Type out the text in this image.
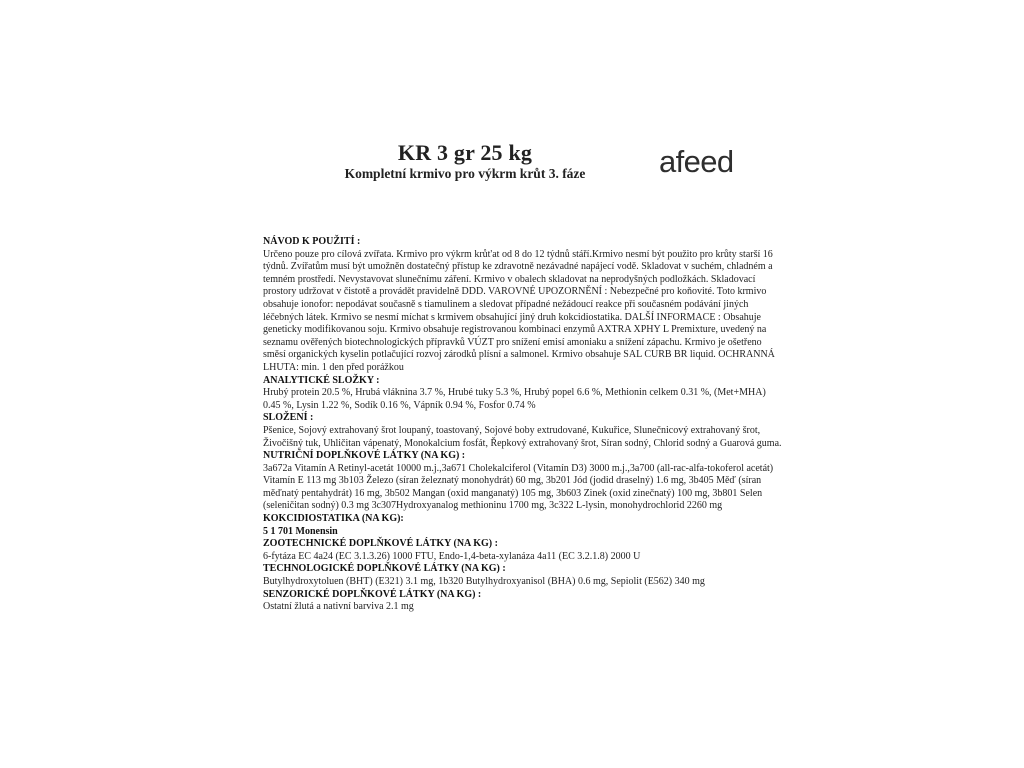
KR 3 gr 25 kg
Kompletní krmivo pro výkrm krůt 3. fáze	afeed
NÁVOD K POUŽITÍ :

Určeno pouze pro cílová zvířata. Krmivo pro výkrm krůt'at od 8 do 12 týdnů stáří.Krmivo nesmí být použito pro krůty starší 16 týdnů. Zvířatům musí být umožněn dostatečný přístup ke zdravotně nezávadné napájecí vodě. Skladovat v suchém, chladném a temném prostředí. Nevystavovat slunečnímu záření. Krmivo v obalech skladovat na neprodyšných podložkách. Skladovací prostory udržovat v čistotě a provádět pravidelně DDD. VAROVNÉ UPOZORNĚNÍ : Nebezpečné pro koňovité. Toto krmivo obsahuje ionofor: nepodávat současně s tiamulinem a sledovat případné nežádoucí reakce při současném podávání jiných léčebných látek. Krmivo se nesmí míchat s krmivem obsahující jiný druh kokcidiostatika. DALŠÍ INFORMACE : Obsahuje geneticky modifikovanou soju. Krmivo obsahuje registrovanou kombinaci enzymů AXTRA XPHY L Premixture, uvedený na seznamu ověřených biotechnologických přípravků VÚZT pro snížení emisí amoniaku a snížení zápachu. Krmivo je ošetřeno směsí organických kyselin potlačující rozvoj zárodků plísní a salmonel. Krmivo obsahuje SAL CURB BR liquid. OCHRANNÁ LHUTA: min. 1 den před porážkou

ANALYTICKÉ SLOŽKY :

Hrubý protein 20.5 %, Hrubá vláknina 3.7 %, Hrubé tuky 5.3 %, Hrubý popel 6.6 %, Methionin celkem 0.31 %, (Met+MHA) 0.45 %, Lysin 1.22 %, Sodík 0.16 %, Vápník 0.94 %, Fosfor 0.74 %

SLOŽENÍ :

Pšenice, Sojový extrahovaný šrot loupaný, toastovaný, Sojové boby extrudované, Kukuřice, Slunečnicový extrahovaný šrot, Živočišný tuk, Uhličitan vápenatý, Monokalcium fosfát, Řepkový extrahovaný šrot, Síran sodný, Chlorid sodný a Guarová guma.

NUTRIČNÍ DOPLŇKOVÉ LÁTKY (NA KG) :

3a672a Vitamín A Retinyl-acetát 10000 m.j.,3a671 Cholekalciferol (Vitamín D3) 3000 m.j.,3a700 (all-rac-alfa-tokoferol acetát) Vitamín E 113 mg 3b103 Železo (síran železnatý monohydrát) 60 mg, 3b201 Jód (jodid draselný) 1.6 mg, 3b405 Měď (síran měďnatý pentahydrát) 16 mg, 3b502 Mangan (oxid manganatý) 105 mg, 3b603 Zinek (oxid zinečnatý) 100 mg, 3b801 Selen (seleničitan sodný) 0.3 mg 3c307Hydroxyanalog methioninu 1700 mg, 3c322 L-lysin, monohydrochlorid 2260 mg

KOKCIDIOSTATIKA (NA KG):
5 1 701 Monensin
ZOOTECHNICKÉ DOPLŇKOVÉ LÁTKY (NA KG) :

6-fytáza EC 4a24 (EC 3.1.3.26) 1000 FTU, Endo-1,4-beta-xylanáza 4a11 (EC 3.2.1.8) 2000 U

TECHNOLOGICKÉ DOPLŇKOVÉ LÁTKY (NA KG) :

Butylhydroxytoluen (BHT) (E321) 3.1 mg, 1b320 Butylhydroxyanisol (BHA) 0.6 mg, Sepiolit (E562) 340 mg

SENZORICKÉ DOPLŇKOVÉ LÁTKY (NA KG) :

Ostatní žlutá a nativní barviva 2.1 mg
